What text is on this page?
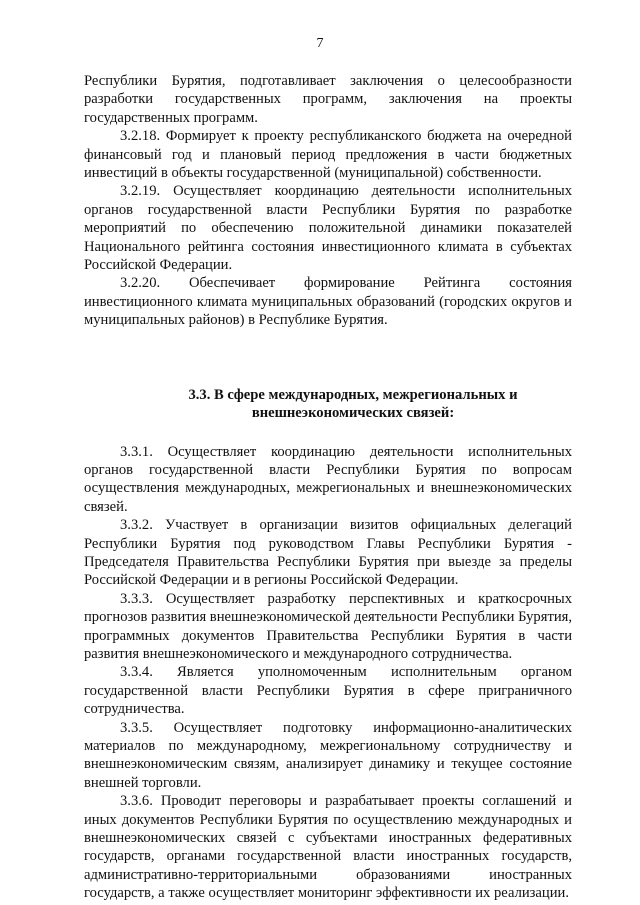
7

Республики Бурятия, подготавливает заключения о целесообразности разработки государственных программ, заключения на проекты государственных программ.

3.2.18. Формирует к проекту республиканского бюджета на очередной финансовый год и плановый период предложения в части бюджетных инвестиций в объекты государственной (муниципальной) собственности.

3.2.19. Осуществляет координацию деятельности исполнительных органов государственной власти Республики Бурятия по разработке мероприятий по обеспечению положительной динамики показателей Национального рейтинга состояния инвестиционного климата в субъектах Российской Федерации.

3.2.20. Обеспечивает формирование Рейтинга состояния инвестиционного климата муниципальных образований (городских округов и муниципальных районов) в Республике Бурятия.

3.3. В сфере международных, межрегиональных и внешнеэкономических связей:

3.3.1. Осуществляет координацию деятельности исполнительных органов государственной власти Республики Бурятия по вопросам осуществления международных, межрегиональных и внешнеэкономических связей.

3.3.2. Участвует в организации визитов официальных делегаций Республики Бурятия под руководством Главы Республики Бурятия - Председателя Правительства Республики Бурятия при выезде за пределы Российской Федерации и в регионы Российской Федерации.

3.3.3. Осуществляет разработку перспективных и краткосрочных прогнозов развития внешнеэкономической деятельности Республики Бурятия, программных документов Правительства Республики Бурятия в части развития внешнеэкономического и международного сотрудничества.

3.3.4. Является уполномоченным исполнительным органом государственной власти Республики Бурятия в сфере приграничного сотрудничества.

3.3.5. Осуществляет подготовку информационно-аналитических материалов по международному, межрегиональному сотрудничеству и внешнеэкономическим связям, анализирует динамику и текущее состояние внешней торговли.

3.3.6. Проводит переговоры и разрабатывает проекты соглашений и иных документов Республики Бурятия по осуществлению международных и внешнеэкономических связей с субъектами иностранных федеративных государств, органами государственной власти иностранных государств, административно-территориальными образованиями иностранных государств, а также осуществляет мониторинг эффективности их реализации.
